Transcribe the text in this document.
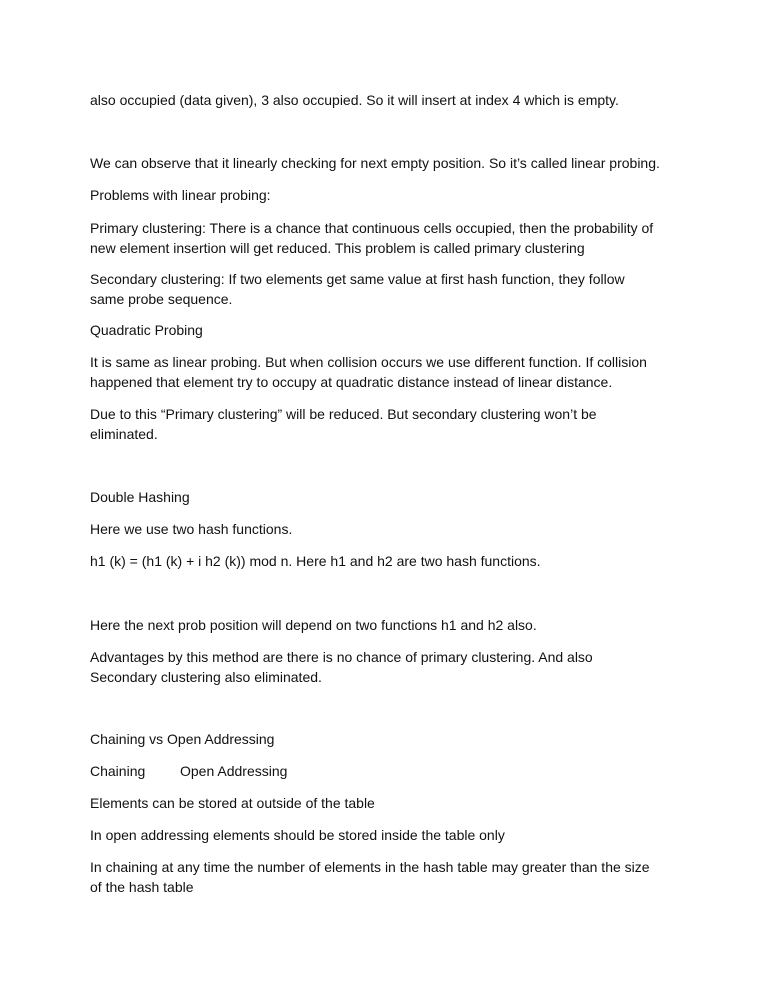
also occupied (data given), 3 also occupied. So it will insert at index 4 which is empty.

We can observe that it linearly checking for next empty position. So it’s called linear probing.

Problems with linear probing:

Primary clustering: There is a chance that continuous cells occupied, then the probability of
new element insertion will get reduced. This problem is called primary clustering

Secondary clustering: If two elements get same value at first hash function, they follow
same probe sequence.

Quadratic Probing

It is same as linear probing. But when collision occurs we use different function. If collision
happened that element try to occupy at quadratic distance instead of linear distance.

Due to this “Primary clustering” will be reduced. But secondary clustering won’t be
eliminated.

Double Hashing

Here we use two hash functions.

h1 (k) = (h1 (k) + i h2 (k)) mod n. Here h1 and h2 are two hash functions.

Here the next prob position will depend on two functions h1 and h2 also.

Advantages by this method are there is no chance of primary clustering. And also
Secondary clustering also eliminated.

Chaining vs Open Addressing

Chaining Open Addressing

Elements can be stored at outside of the table

In open addressing elements should be stored inside the table only

In chaining at any time the number of elements in the hash table may greater than the size
of the hash table
